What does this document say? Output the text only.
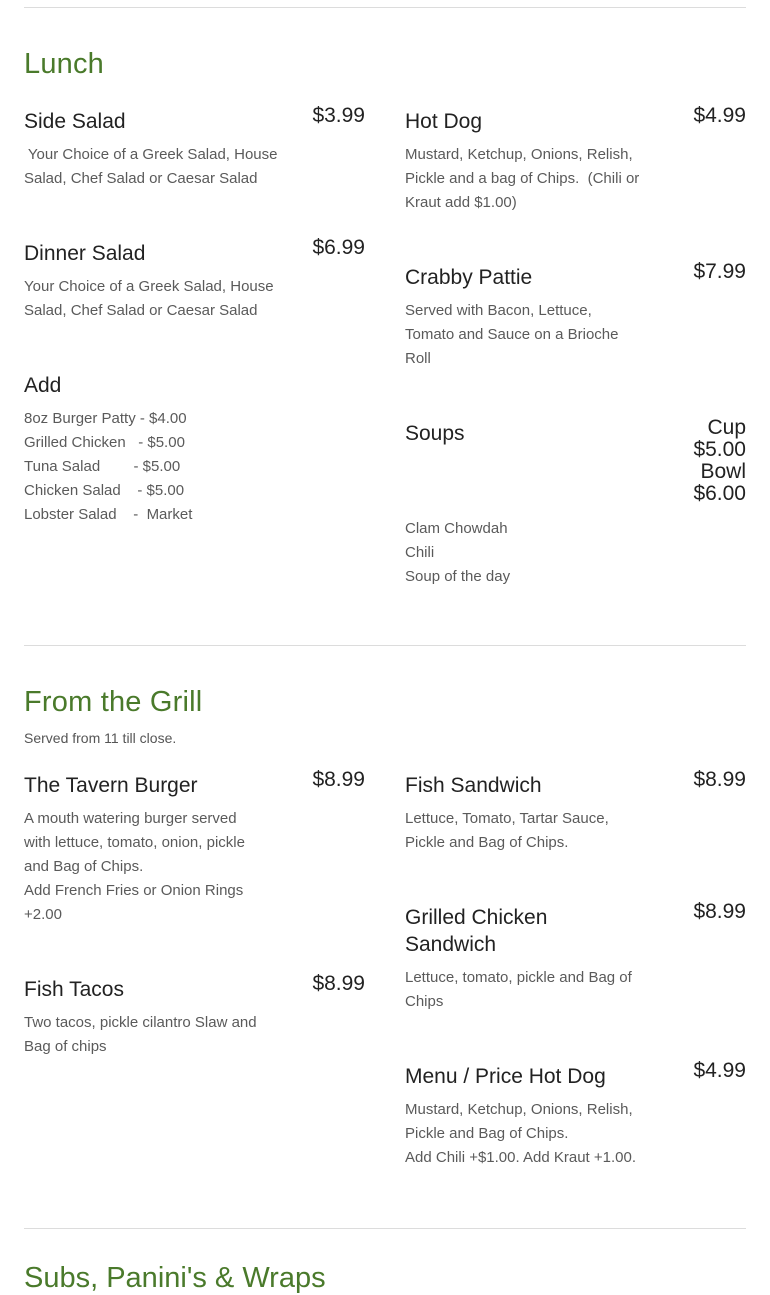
Lunch
Side Salad	$3.99
Your Choice of a Greek Salad, House
Salad, Chef Salad or Caesar Salad
Dinner Salad	$6.99
Your Choice of a Greek Salad, House
Salad, Chef Salad or Caesar Salad
Add
8oz Burger Patty - $4.00
Grilled Chicken   - $5.00
Tuna Salad        - $5.00
Chicken Salad    - $5.00
Lobster Salad    -  Market
Hot Dog	$4.99
Mustard, Ketchup, Onions, Relish,
Pickle and a bag of Chips.  (Chili or
Kraut add $1.00)
Crabby Pattie	$7.99
Served with Bacon, Lettuce,
Tomato and Sauce on a Brioche
Roll
Soups	Cup
$5.00
Bowl
$6.00
Clam Chowdah
Chili
Soup of the day
From the Grill
Served from 11 till close.
The Tavern Burger	$8.99
A mouth watering burger served
with lettuce, tomato, onion, pickle
and Bag of Chips.
Add French Fries or Onion Rings
+2.00
Fish Tacos	$8.99
Two tacos, pickle cilantro Slaw and
Bag of chips
Fish Sandwich	$8.99
Lettuce, Tomato, Tartar Sauce,
Pickle and Bag of Chips.
Grilled Chicken Sandwich
$8.99
Lettuce, tomato, pickle and Bag of
Chips
Menu / Price Hot Dog	$4.99
Mustard, Ketchup, Onions, Relish,
Pickle and Bag of Chips.
Add Chili +$1.00. Add Kraut +1.00.
Subs, Panini's & Wraps
